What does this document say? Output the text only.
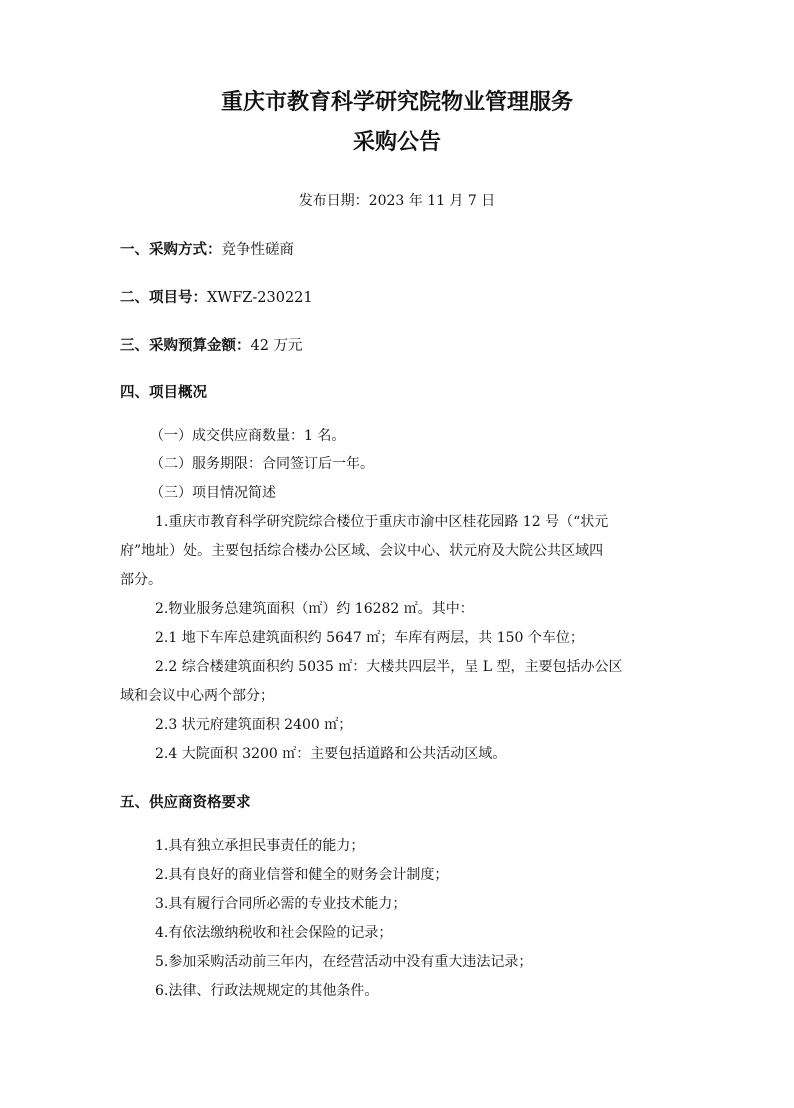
重庆市教育科学研究院物业管理服务
采购公告
发布日期：2023 年 11 月 7 日
一、采购方式：竞争性磋商
二、项目号：XWFZ-230221
三、采购预算金额：42 万元
四、项目概况
（一）成交供应商数量：1 名。
（二）服务期限：合同签订后一年。
（三）项目情况简述
1.重庆市教育科学研究院综合楼位于重庆市渝中区桂花园路 12 号（“状元
府”地址）处。主要包括综合楼办公区域、会议中心、状元府及大院公共区域四
部分。
2.物业服务总建筑面积（㎡）约 16282 ㎡。其中：
2.1 地下车库总建筑面积约 5647 ㎡；车库有两层，共 150 个车位；
2.2 综合楼建筑面积约 5035 ㎡：大楼共四层半，呈 L 型，主要包括办公区
域和会议中心两个部分；
2.3 状元府建筑面积 2400 ㎡；
2.4 大院面积 3200 ㎡：主要包括道路和公共活动区域。
五、供应商资格要求
1.具有独立承担民事责任的能力；
2.具有良好的商业信誉和健全的财务会计制度；
3.具有履行合同所必需的专业技术能力；
4.有依法缴纳税收和社会保险的记录；
5.参加采购活动前三年内，在经营活动中没有重大违法记录；
6.法律、行政法规规定的其他条件。
